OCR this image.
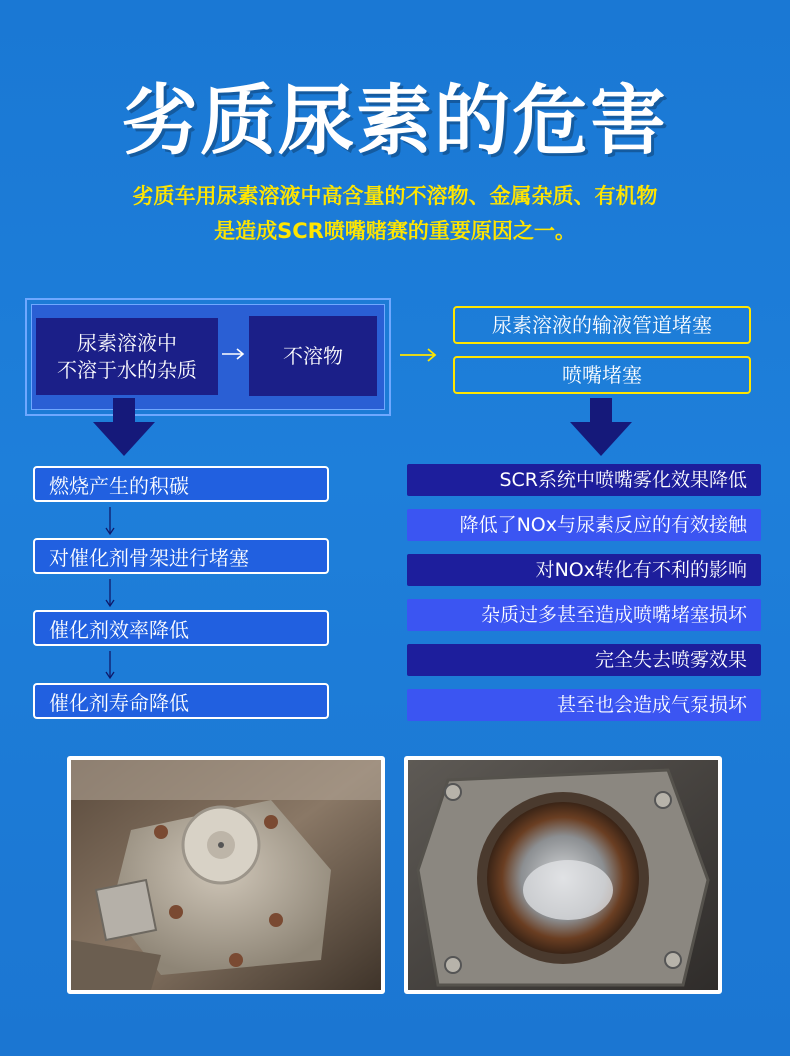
劣质尿素的危害
劣质车用尿素溶液中高含量的不溶物、金属杂质、有机物
是造成SCR喷嘴赌赛的重要原因之一。
尿素溶液中
不溶于水的杂质
不溶物
尿素溶液的输液管道堵塞
喷嘴堵塞
燃烧产生的积碳
对催化剂骨架进行堵塞
催化剂效率降低
催化剂寿命降低
SCR系统中喷嘴雾化效果降低
降低了NOx与尿素反应的有效接触
对NOx转化有不利的影响
杂质过多甚至造成喷嘴堵塞损坏
完全失去喷雾效果
甚至也会造成气泵损坏
